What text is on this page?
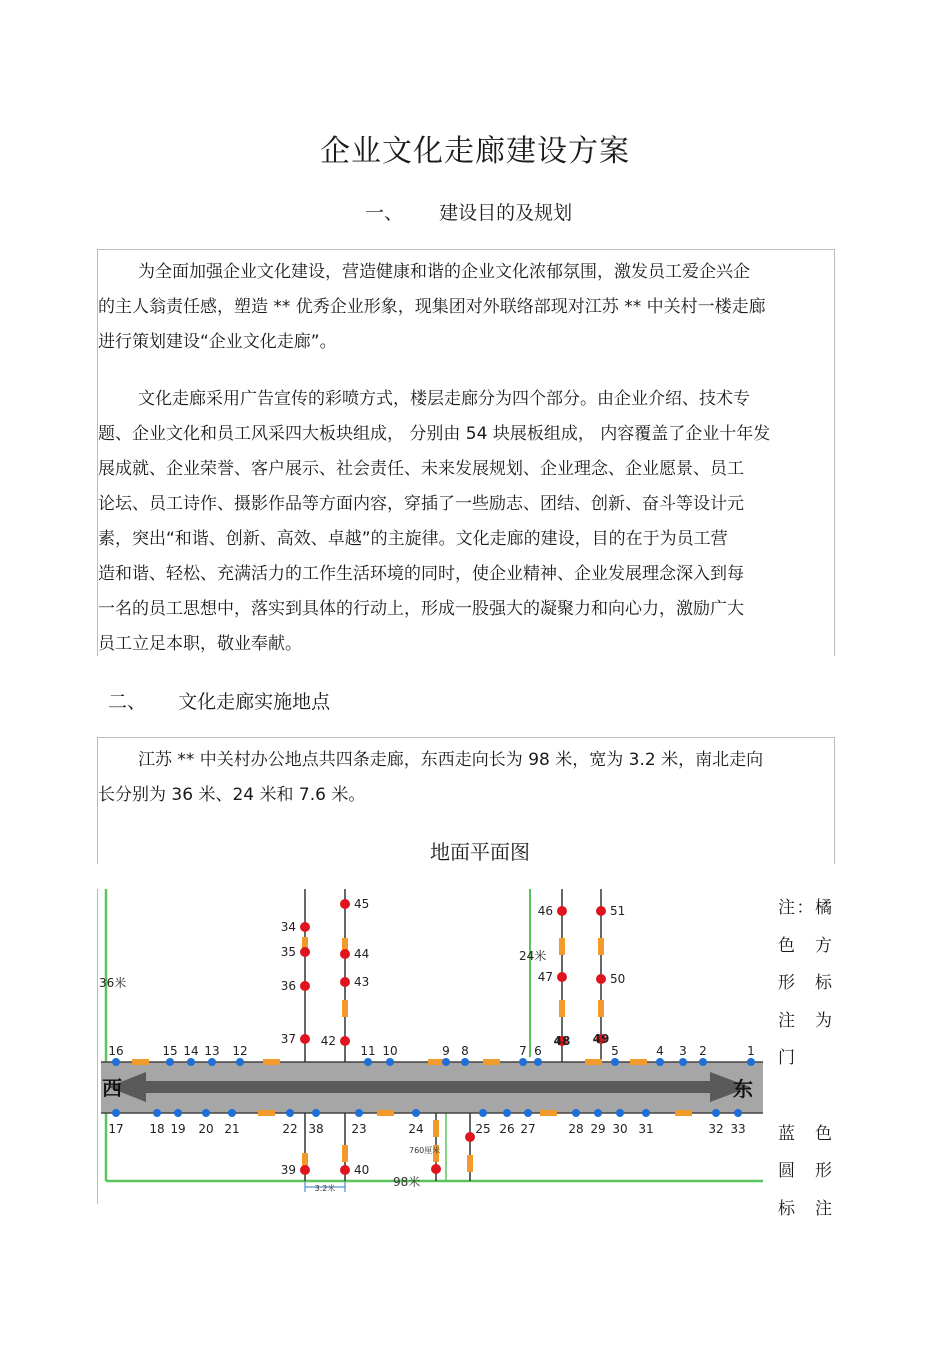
企业文化走廊建设方案
一、 建设目的及规划
为全面加强企业文化建设，营造健康和谐的企业文化浓郁氛围，激发员工爱企兴企
的主人翁责任感，塑造 ** 优秀企业形象，现集团对外联络部现对江苏 ** 中关村一楼走廊
进行策划建设“企业文化走廊”。
文化走廊采用广告宣传的彩喷方式，楼层走廊分为四个部分。由企业介绍、技术专
题、企业文化和员工风采四大板块组成， 分别由 54 块展板组成， 内容覆盖了企业十年发
展成就、企业荣誉、客户展示、社会责任、未来发展规划、企业理念、企业愿景、员工
论坛、员工诗作、摄影作品等方面内容，穿插了一些励志、团结、创新、奋斗等设计元
素，突出“和谐、创新、高效、卓越”的主旋律。文化走廊的建设，目的在于为员工营
造和谐、轻松、充满活力的工作生活环境的同时，使企业精神、企业发展理念深入到每
一名的员工思想中，落实到具体的行动上，形成一股强大的凝聚力和向心力，激励广大
员工立足本职，敬业奉献。
二、 文化走廊实施地点
江苏 ** 中关村办公地点共四条走廊，东西走向长为 98 米，宽为 3.2 米，南北走向
长分别为 36 米、24 米和 7.6 米。
地面平面图
16	15 14 13 12	11 10	9 8	7 6	5	4 3 2	1
17 18 19 20 21	22 38 23	24	25 26 27	28 29 30 31	32 33
34
35
36
37
45
44
43
42
46
47
48
51
50
49
39	40
西	东
36米
24米
98米
760厘米
3.2米
注：橘
色　方
形　标
注　为
门
蓝　色
圆　形
标　注
